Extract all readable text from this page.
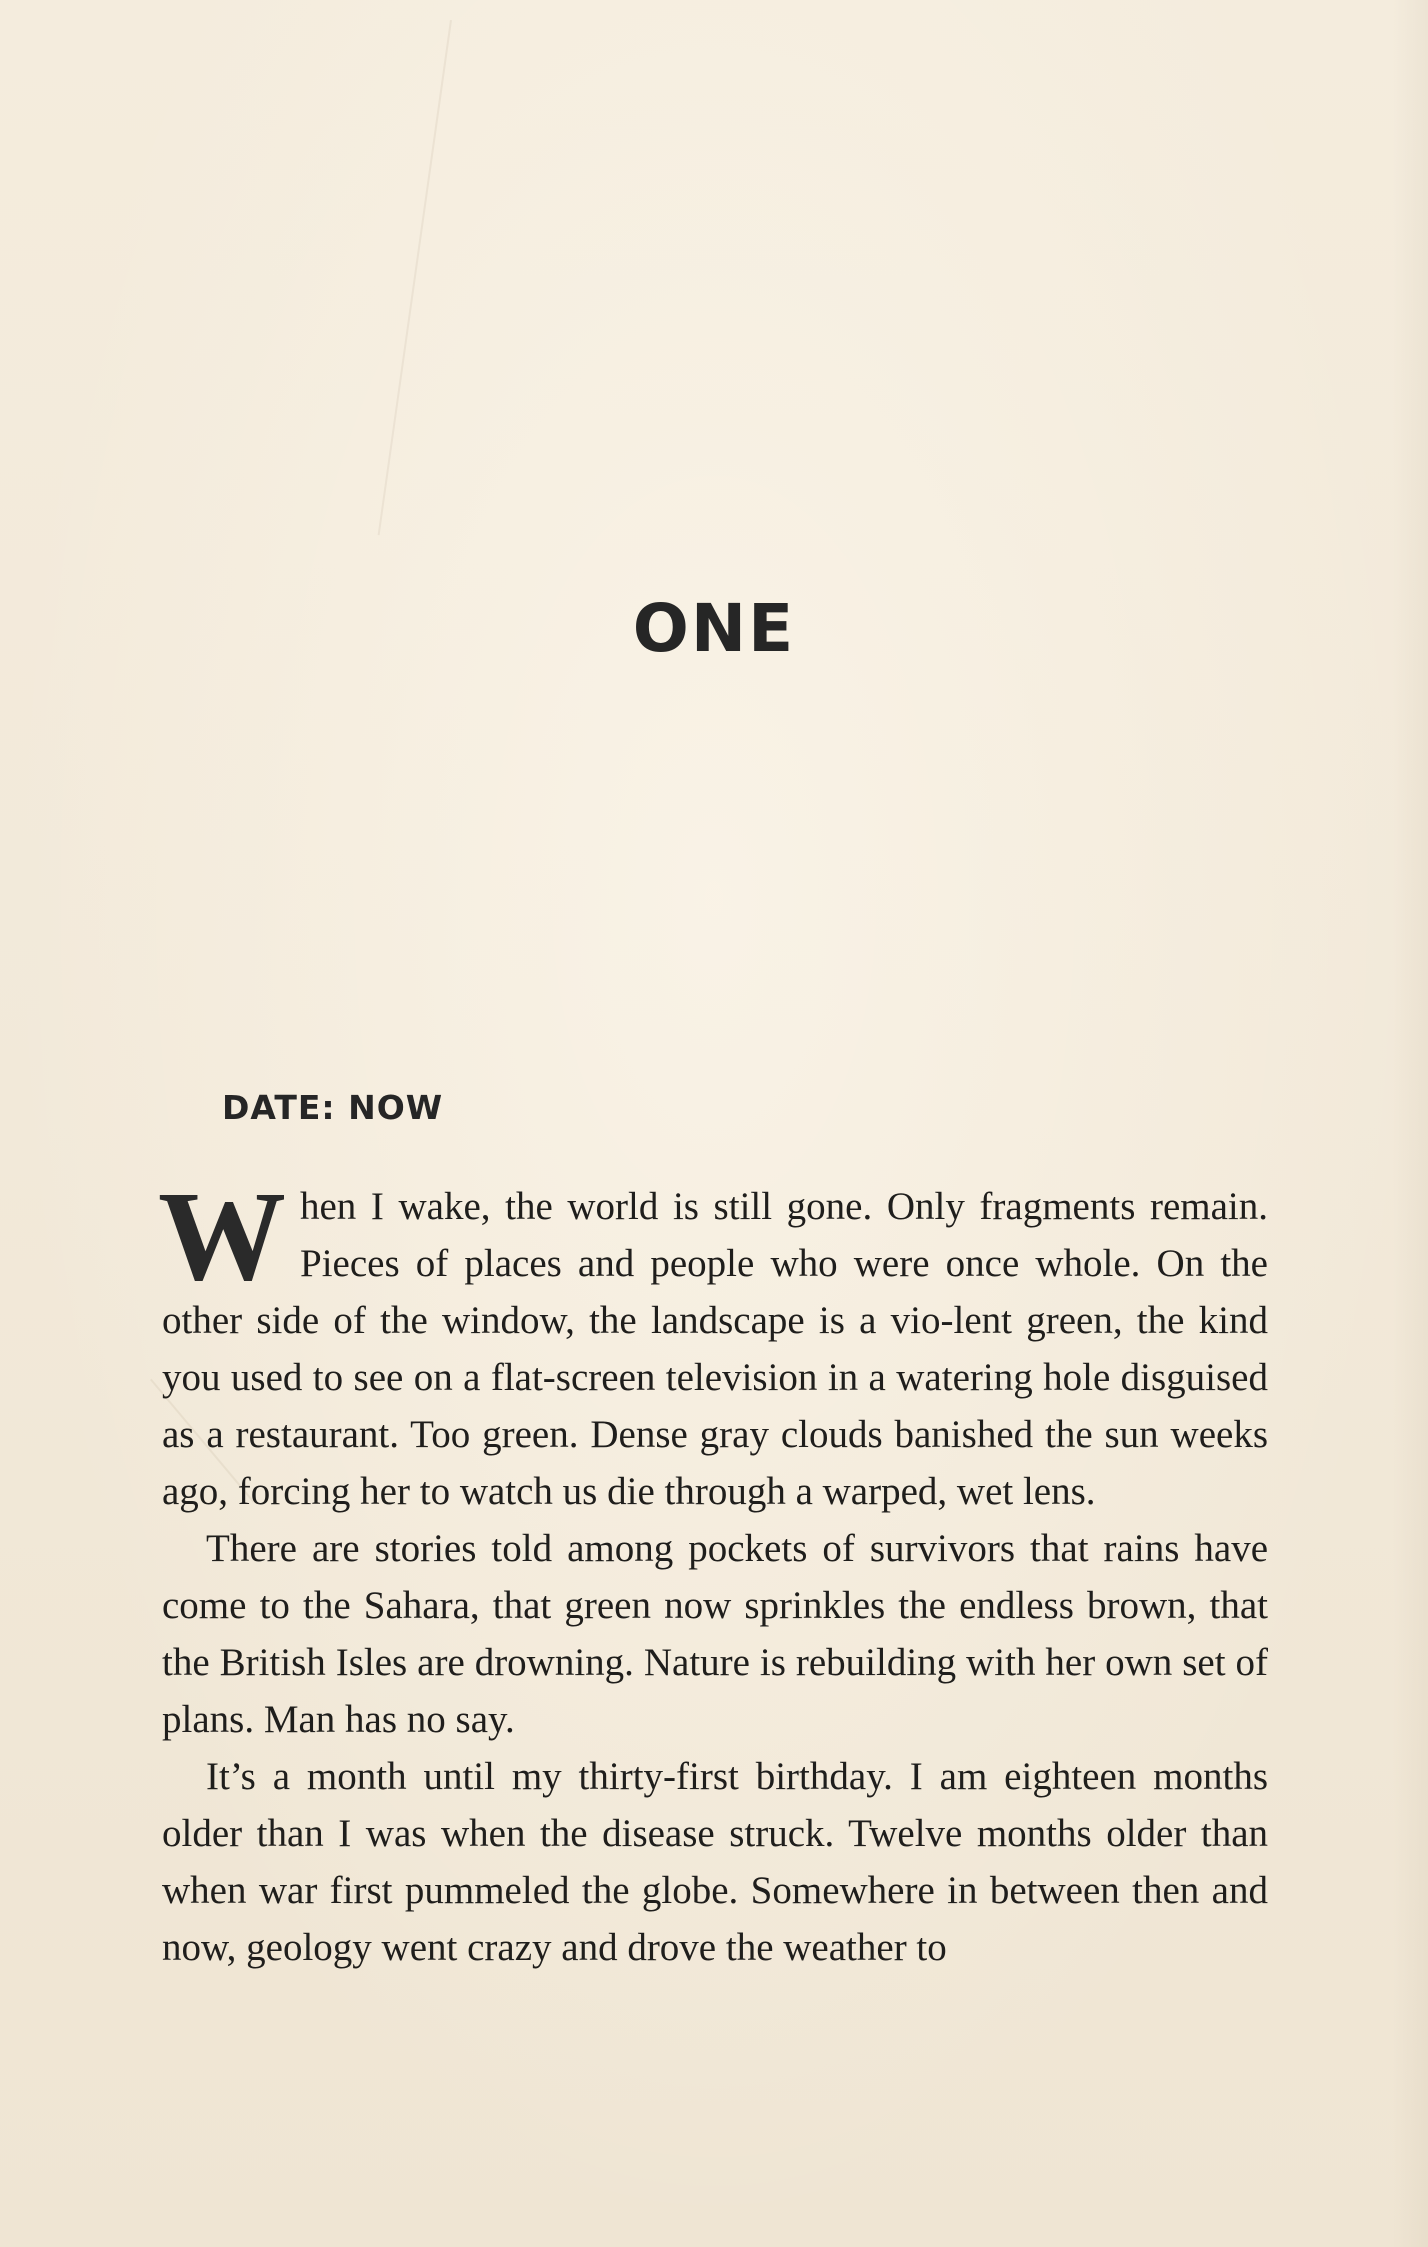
ONE
DATE: NOW

When I wake, the world is still gone. Only fragments remain. Pieces of places and people who were once whole. On the other side of the window, the landscape is a vio-lent green, the kind you used to see on a flat-screen television in a watering hole disguised as a restaurant. Too green. Dense gray clouds banished the sun weeks ago, forcing her to watch us die through a warped, wet lens.

There are stories told among pockets of survivors that rains have come to the Sahara, that green now sprinkles the endless brown, that the British Isles are drowning. Nature is rebuilding with her own set of plans. Man has no say.

It’s a month until my thirty-first birthday. I am eighteen months older than I was when the disease struck. Twelve months older than when war first pummeled the globe. Somewhere in between then and now, geology went crazy and drove the weather to
